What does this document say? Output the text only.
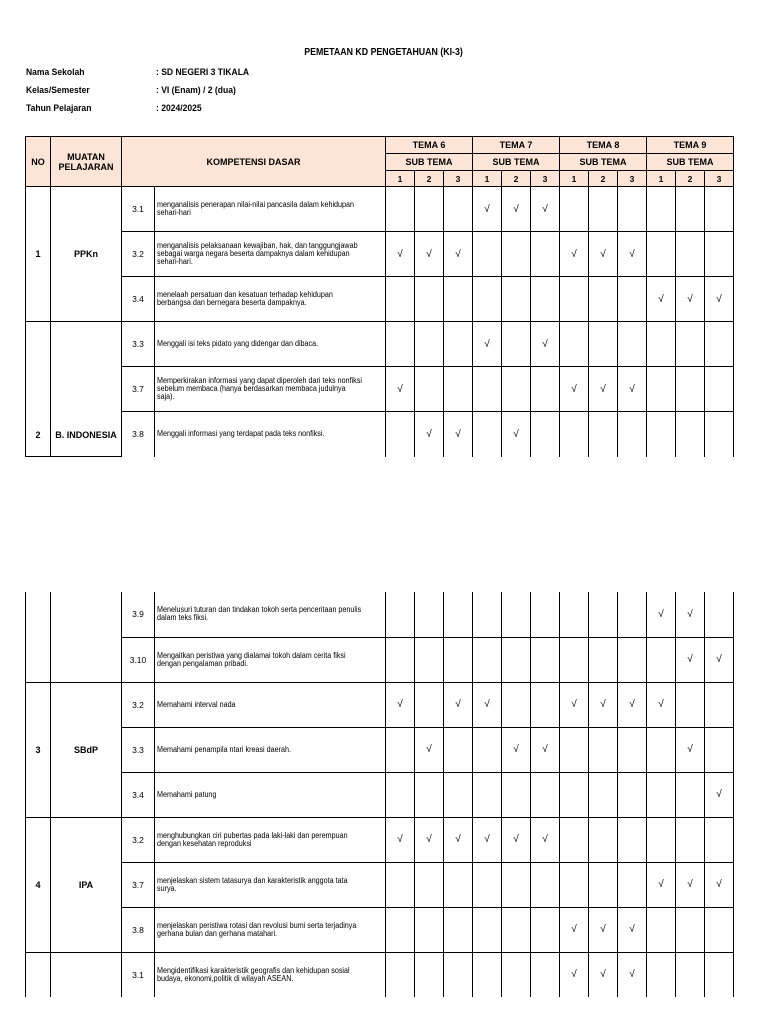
PEMETAAN KD PENGETAHUAN (KI-3)
Nama Sekolah	: SD NEGERI 3 TIKALA
Kelas/Semester	: VI (Enam) / 2 (dua)
Tahun Pelajaran	: 2024/2025
NO	MUATAN PELAJARAN	KOMPETENSI DASAR		TEMA 6			TEMA 7			TEMA 8			TEMA 9		
				SUB TEMA			SUB TEMA			SUB TEMA			SUB TEMA		
				1	2	3	1	2	3	1	2	3	1	2	3
1	PPKn	3.1	menganalisis penerapan nilai-nilai pancasila dalam kehidupan sehari-hari				√	√	√						
		3.2	menganalisis pelaksanaan kewajiban, hak, dan tanggungjawab sebagai warga negara beserta dampaknya dalam kehidupan sehari-hari.	√	√	√				√	√	√			
		3.4	menelaah persatuan dan kesatuan terhadap kehidupan berbangsa dan bernegara beserta dampaknya.										√	√	√
2	B. INDONESIA	3.3	Menggali isi teks pidato yang didengar dan dibaca.				√		√						
		3.7	Memperkirakan informasi yang dapat diperoleh dari teks nonfiksi sebelum membaca (hanya berdasarkan membaca judulnya saja).	√						√	√	√			
		3.8	Menggali informasi yang terdapat pada teks nonfiksi.		√	√		√							
		3.9	Menelusuri tuturan dan tindakan tokoh serta penceritaan penulis dalam teks fiksi.										√	√	
		3.10	Mengaitkan peristiwa yang dialamai tokoh dalam cerita fiksi dengan pengalaman pribadi.											√	√
3	SBdP	3.2	Memahami interval nada	√		√	√			√	√	√	√		
		3.3	Memahami penampila ntari kreasi daerah.		√			√	√					√	
		3.4	Memahami patung												√
4	IPA	3.2	menghubungkan ciri pubertas pada laki-laki dan perempuan dengan kesehatan reproduksi	√	√	√	√	√	√						
		3.7	menjelaskan sistem tatasurya dan karakteristik anggota tata surya.										√	√	√
		3.8	menjelaskan peristiwa rotasi dan revolusi bumi serta terjadinya gerhana bulan dan gerhana matahari.							√	√	√			
		3.1	Mengidentifikasi karakteristik geografis dan kehidupan sosial budaya, ekonomi,politik di wilayah ASEAN.							√	√	√			
